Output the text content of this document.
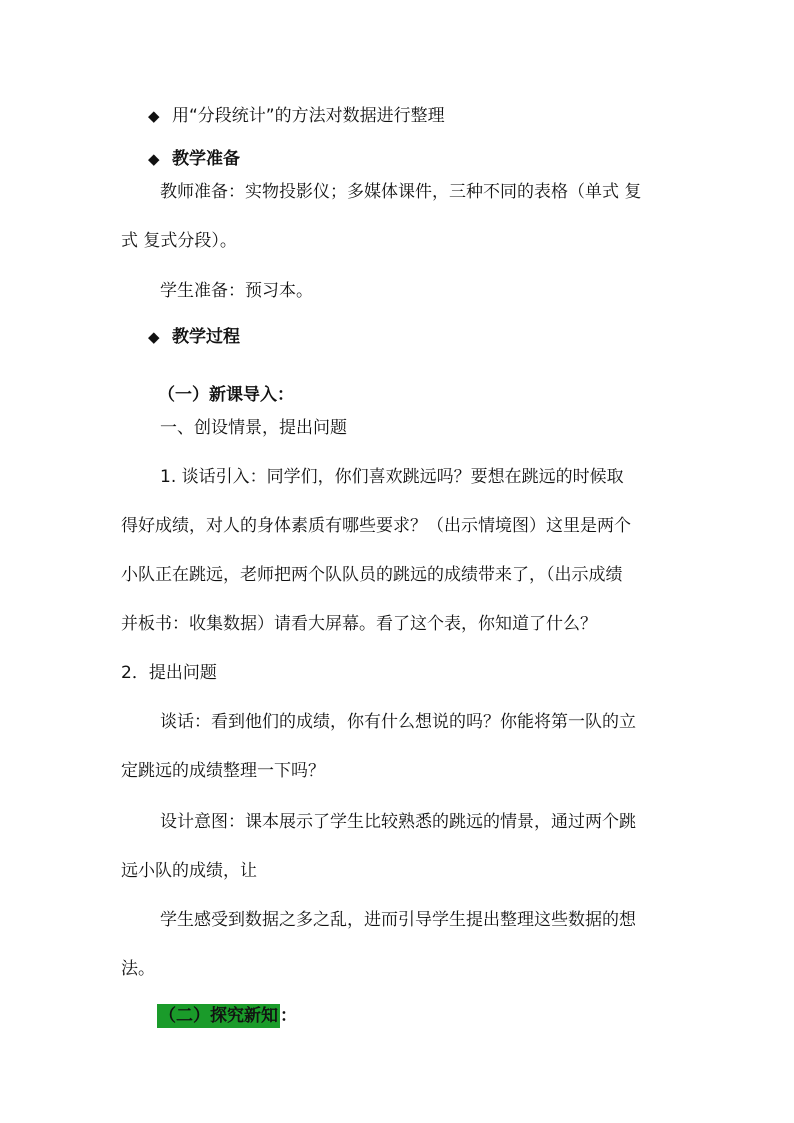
◆ 用“分段统计”的方法对数据进行整理
◆ 教学准备
教师准备：实物投影仪；多媒体课件，三种不同的表格（单式 复
式 复式分段）。
学生准备：预习本。
◆ 教学过程
（一）新课导入：
一、创设情景，提出问题
1. 谈话引入：同学们，你们喜欢跳远吗？要想在跳远的时候取
得好成绩，对人的身体素质有哪些要求？（出示情境图）这里是两个
小队正在跳远，老师把两个队队员的跳远的成绩带来了，（出示成绩
并板书：收集数据）请看大屏幕。看了这个表，你知道了什么？
2．提出问题
谈话：看到他们的成绩，你有什么想说的吗？你能将第一队的立
定跳远的成绩整理一下吗？
设计意图：课本展示了学生比较熟悉的跳远的情景，通过两个跳
远小队的成绩，让
学生感受到数据之多之乱，进而引导学生提出整理这些数据的想
法。
（二）探究新知 ：
